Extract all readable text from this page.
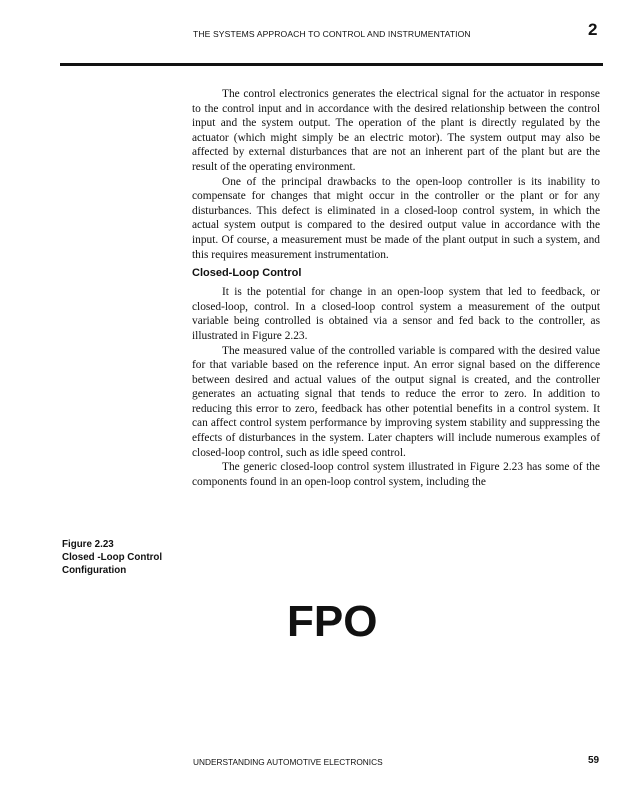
THE SYSTEMS APPROACH TO CONTROL AND INSTRUMENTATION	2

The control electronics generates the electrical signal for the actuator in response to the control input and in accordance with the desired relationship between the control input and the system output. The operation of the plant is directly regulated by the actuator (which might simply be an electric motor). The system output may also be affected by external disturbances that are not an inherent part of the plant but are the result of the operating environment.

One of the principal drawbacks to the open-loop controller is its inability to compensate for changes that might occur in the controller or the plant or for any disturbances. This defect is eliminated in a closed-loop control system, in which the actual system output is compared to the desired output value in accordance with the input. Of course, a measurement must be made of the plant output in such a system, and this requires measurement instrumentation.

Closed-Loop Control

It is the potential for change in an open-loop system that led to feedback, or closed-loop, control. In a closed-loop control system a measurement of the output variable being controlled is obtained via a sensor and fed back to the controller, as illustrated in Figure 2.23.

The measured value of the controlled variable is compared with the desired value for that variable based on the reference input. An error signal based on the difference between desired and actual values of the output signal is created, and the controller generates an actuating signal that tends to reduce the error to zero. In addition to reducing this error to zero, feedback has other potential benefits in a control system. It can affect control system performance by improving system stability and suppressing the effects of disturbances in the system. Later chapters will include numerous examples of closed-loop control, such as idle speed control.

The generic closed-loop control system illustrated in Figure 2.23 has some of the components found in an open-loop control system, including the

Figure 2.23
Closed -Loop Control
Configuration
FPO
UNDERSTANDING AUTOMOTIVE ELECTRONICS	59
